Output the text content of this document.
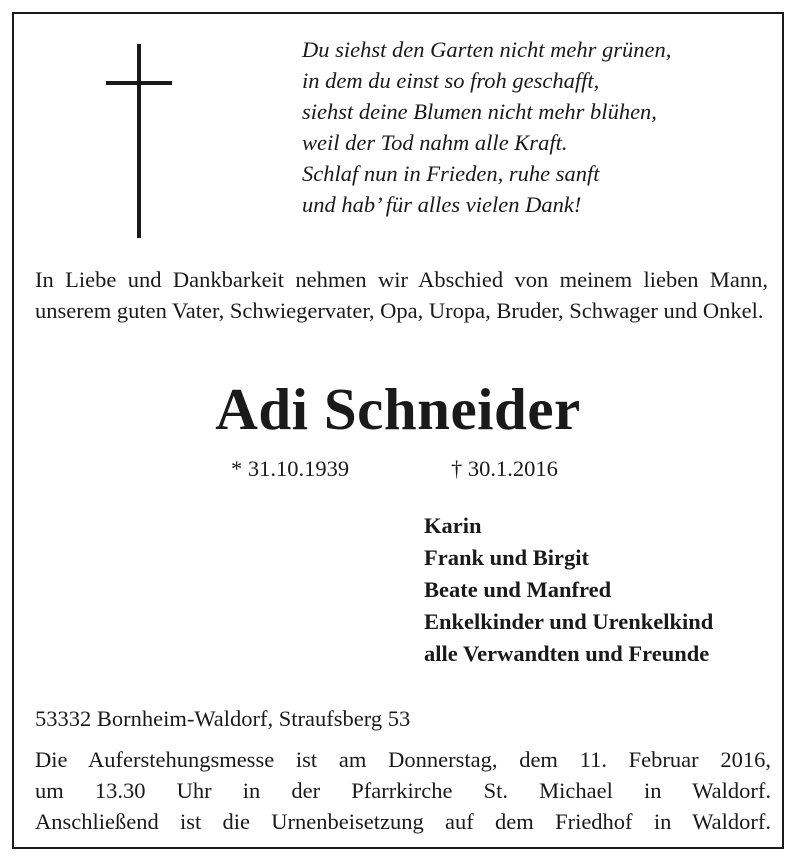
Du siehst den Garten nicht mehr grünen,
in dem du einst so froh geschafft,
siehst deine Blumen nicht mehr blühen,
weil der Tod nahm alle Kraft.
Schlaf nun in Frieden, ruhe sanft
und hab’ für alles vielen Dank!
In Liebe und Dankbarkeit nehmen wir Abschied von meinem lieben Mann, unserem guten Vater, Schwiegervater, Opa, Uropa, Bruder, Schwager und Onkel.
Adi Schneider
* 31.10.1939	† 30.1.2016
Karin
Frank und Birgit
Beate und Manfred
Enkelkinder und Urenkelkind
alle Verwandten und Freunde
53332 Bornheim-Waldorf, Straufsberg 53
Die Auferstehungsmesse ist am Donnerstag, dem 11. Februar 2016,
um 13.30 Uhr in der Pfarrkirche St. Michael in Waldorf.
Anschließend ist die Urnenbeisetzung auf dem Friedhof in Waldorf.
